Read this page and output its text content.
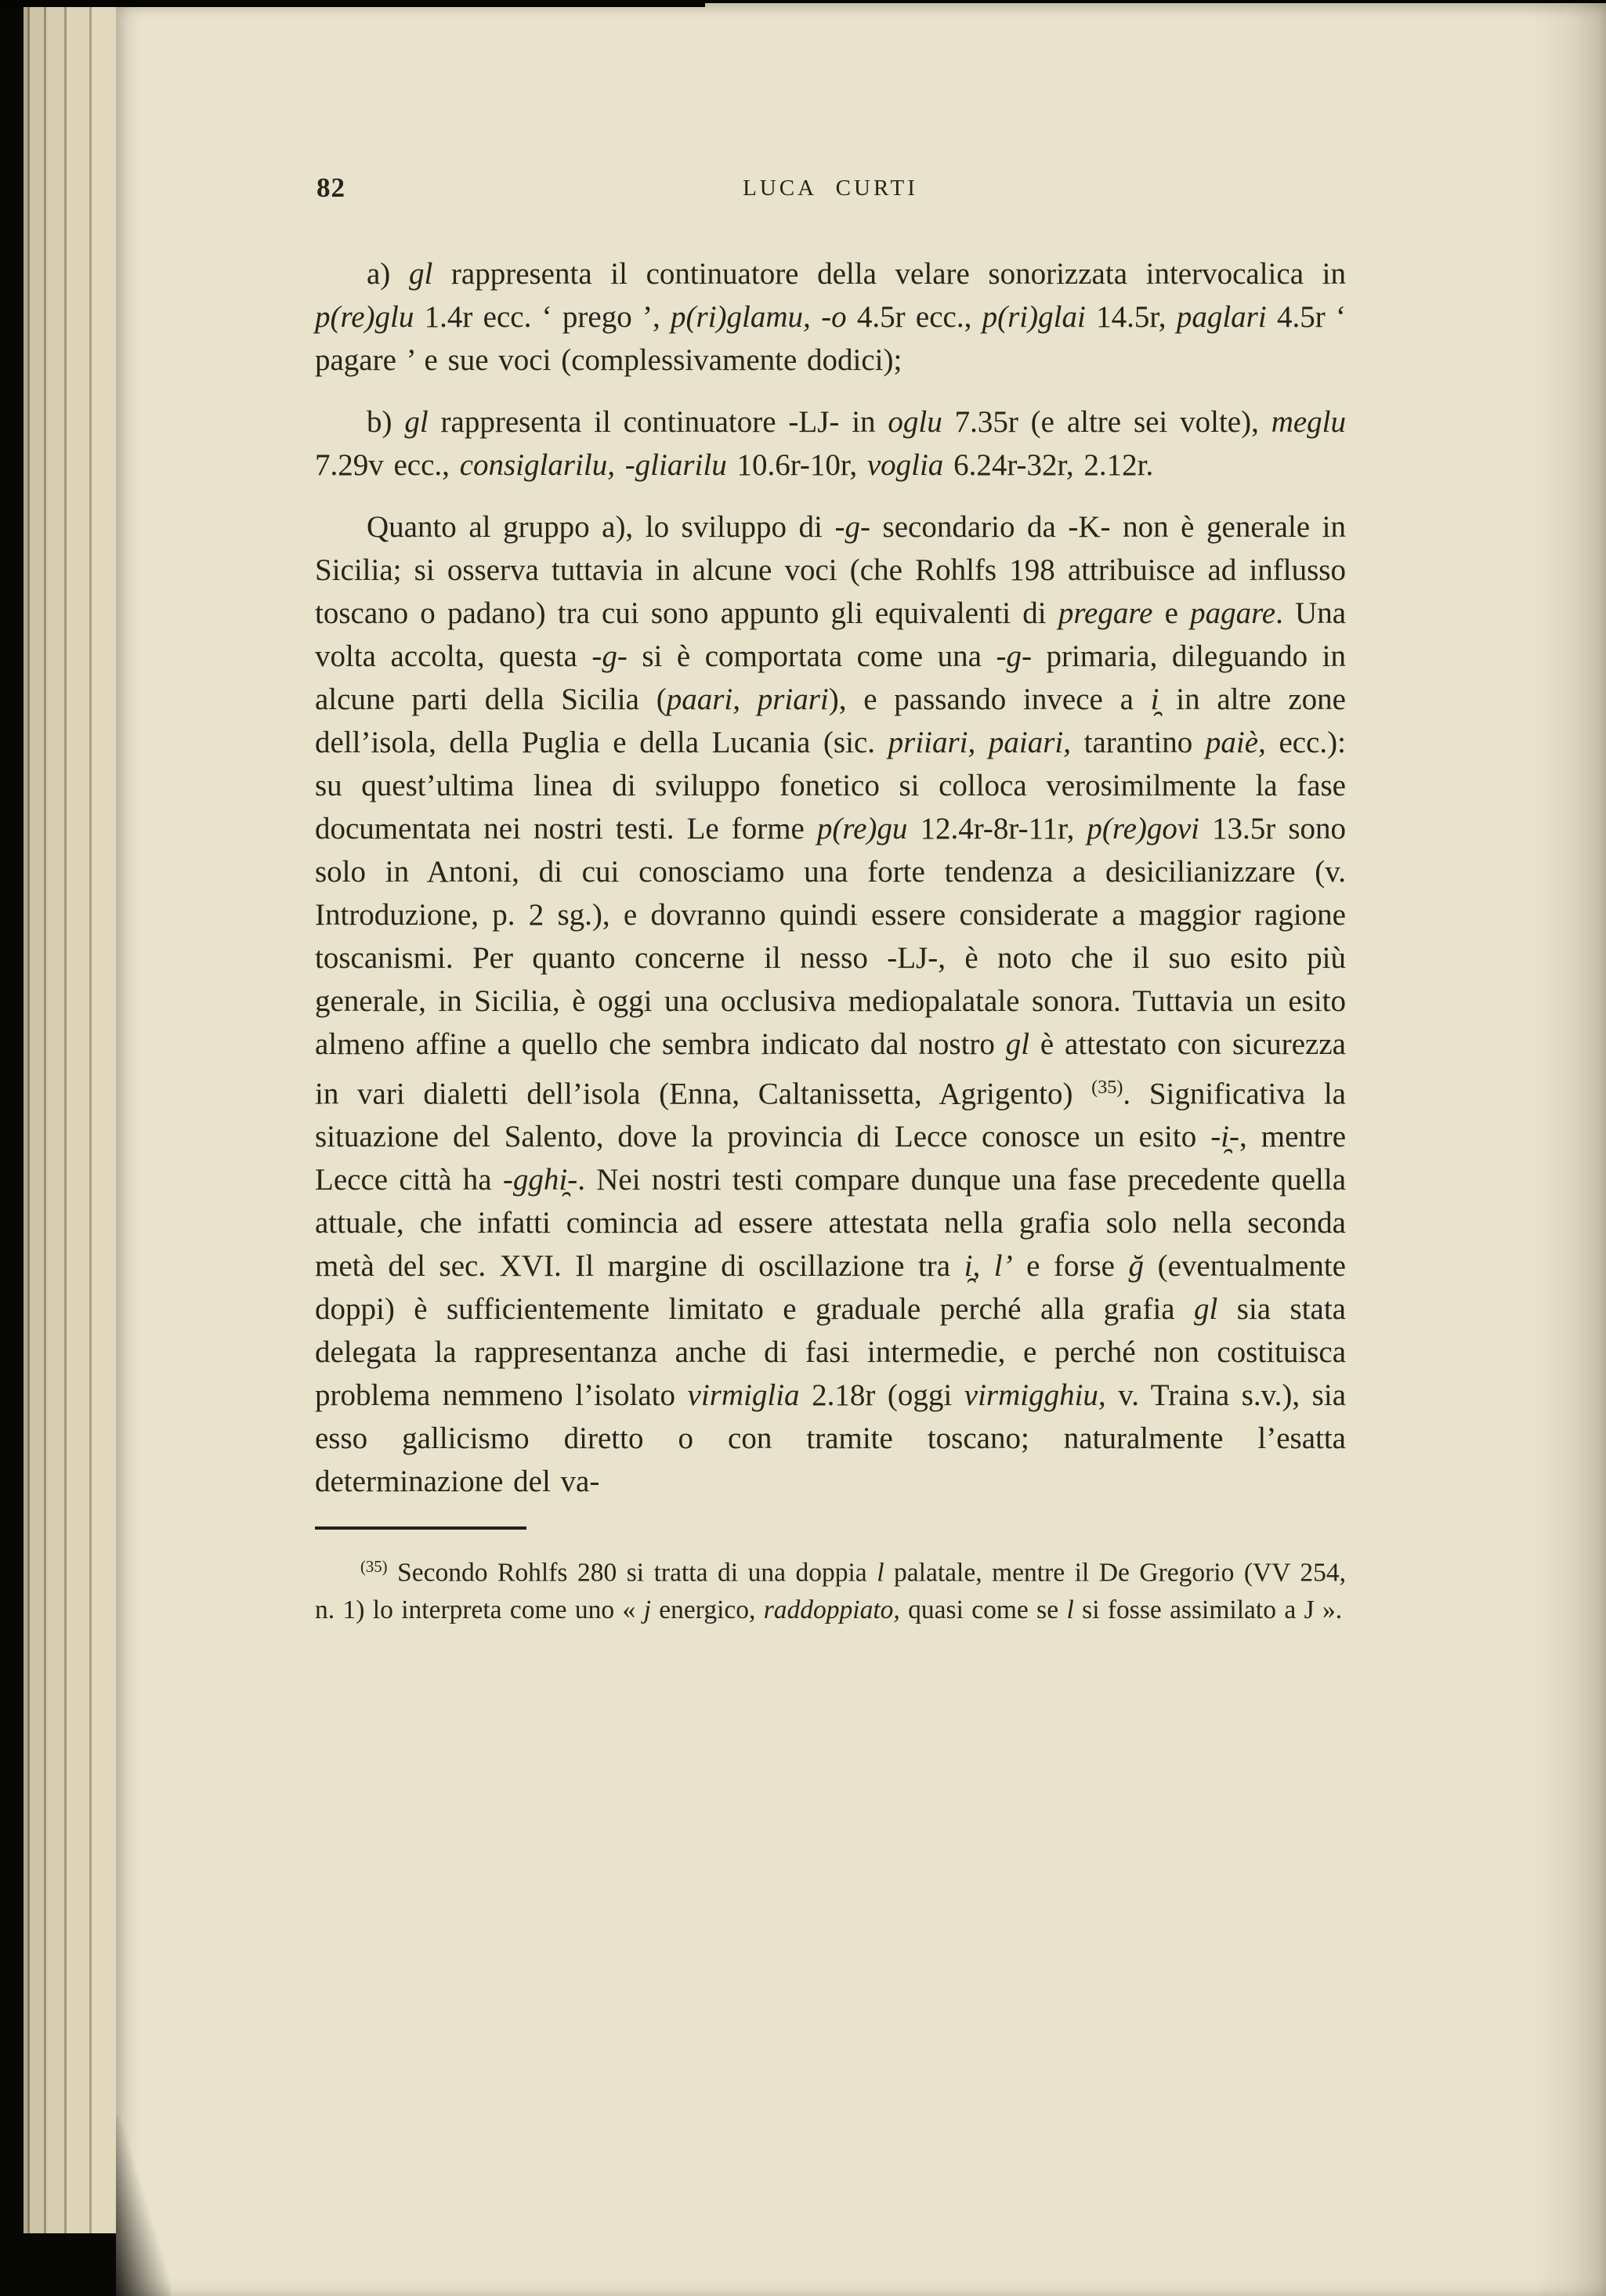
82	LUCA CURTI

a) gl rappresenta il continuatore della velare sonorizzata intervocalica in p(re)glu 1.4r ecc. ‘ prego ’, p(ri)glamu, -o 4.5r ecc., p(ri)glai 14.5r, paglari 4.5r ‘ pagare ’ e sue voci (complessivamente dodici);

b) gl rappresenta il continuatore -LJ- in oglu 7.35r (e altre sei volte), meglu 7.29v ecc., consiglarilu, -gliarilu 10.6r-10r, voglia 6.24r-32r, 2.12r.

Quanto al gruppo a), lo sviluppo di -g- secondario da -K- non è generale in Sicilia; si osserva tuttavia in alcune voci (che Rohlfs 198 attribuisce ad influsso toscano o padano) tra cui sono appunto gli equivalenti di pregare e pagare. Una volta accolta, questa -g- si è comportata come una -g- primaria, dileguando in alcune parti della Sicilia (paari, priari), e passando invece a i̯ in altre zone dell’isola, della Puglia e della Lucania (sic. priiari, paiari, tarantino paiè, ecc.): su quest’ultima linea di sviluppo fonetico si colloca verosimilmente la fase documentata nei nostri testi. Le forme p(re)gu 12.4r-8r-11r, p(re)govi 13.5r sono solo in Antoni, di cui conosciamo una forte tendenza a desicilianizzare (v. Introduzione, p. 2 sg.), e dovranno quindi essere considerate a maggior ragione toscanismi. Per quanto concerne il nesso -LJ-, è noto che il suo esito più generale, in Sicilia, è oggi una occlusiva mediopalatale sonora. Tuttavia un esito almeno affine a quello che sembra indicato dal nostro gl è attestato con sicurezza in vari dialetti dell’isola (Enna, Caltanissetta, Agrigento) $^{(35)}$. Significativa la situazione del Salento, dove la provincia di Lecce conosce un esito -i̯-, mentre Lecce città ha -gghi̯-. Nei nostri testi compare dunque una fase precedente quella attuale, che infatti comincia ad essere attestata nella grafia solo nella seconda metà del sec. XVI. Il margine di oscillazione tra i̯, l’ e forse ğ (eventualmente doppi) è sufficientemente limitato e graduale perché alla grafia gl sia stata delegata la rappresentanza anche di fasi intermedie, e perché non costituisca problema nemmeno l’isolato virmiglia 2.18r (oggi virmigghiu, v. Traina s.v.), sia esso gallicismo diretto o con tramite toscano; naturalmente l’esatta determinazione del va-

$^{(35)}$ Secondo Rohlfs 280 si tratta di una doppia l palatale, mentre il De Gregorio (VV 254, n. 1) lo interpreta come uno « j energico, raddoppiato, quasi come se l si fosse assimilato a J ».
